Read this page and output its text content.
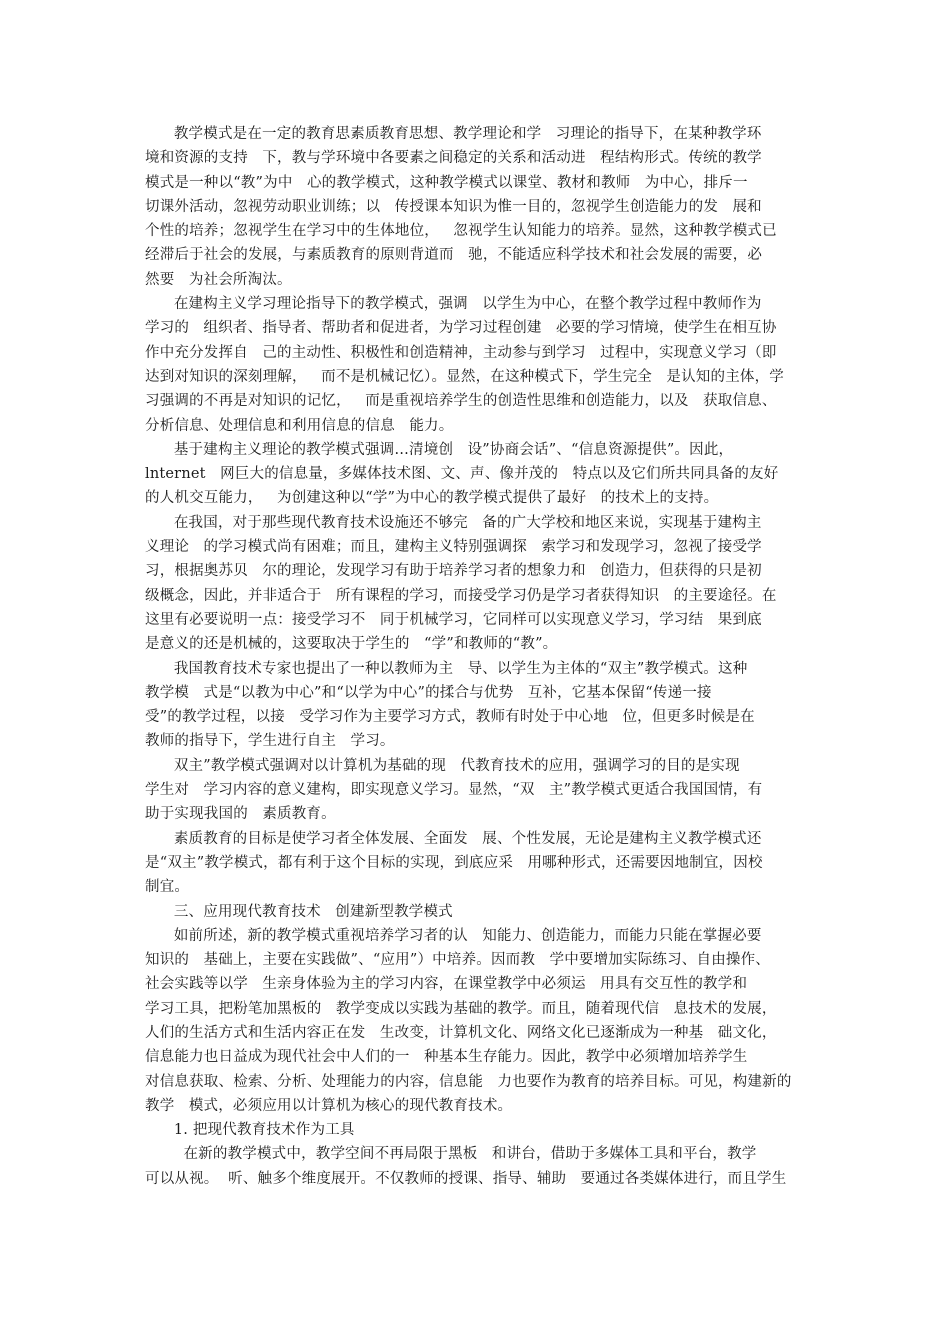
教学模式是在一定的教育思素质教育思想、教学理论和学   习理论的指导下，在某种教学环
境和资源的支持   下，教与学环境中各要素之间稳定的关系和活动进   程结构形式。传统的教学
模式是一种以“教”为中   心的教学模式，这种教学模式以课堂、教材和教师   为中心，排斥一
切课外活动，忽视劳动职业训练；以   传授课本知识为惟一目的，忽视学生创造能力的发   展和
个性的培养；忽视学生在学习中的生体地位，   忽视学生认知能力的培养。显然，这种教学模式已
经滞后于社会的发展，与素质教育的原则背道而   驰，不能适应科学技术和社会发展的需要，必
然要   为社会所淘汰。
在建构主义学习理论指导下的教学模式，强调   以学生为中心，在整个教学过程中教师作为
学习的   组织者、指导者、帮助者和促进者，为学习过程创建   必要的学习情境，使学生在相互协
作中充分发挥自   己的主动性、积极性和创造精神，主动参与到学习   过程中，实现意义学习（即
达到对知识的深刻理解，   而不是机械记忆）。显然，在这种模式下，学生完全   是认知的主体，学
习强调的不再是对知识的记忆，   而是重视培养学生的创造性思维和创造能力，以及   获取信息、
分析信息、处理信息和利用信息的信息   能力。
基于建构主义理论的教学模式强调…清境创   设”协商会话”、“信息资源提供”。因此，
lnternet   网巨大的信息量，多媒体技术图、文、声、像并茂的   特点以及它们所共同具备的友好
的人机交互能力，   为创建这种以“学”为中心的教学模式提供了最好   的技术上的支持。
在我国，对于那些现代教育技术设施还不够完   备的广大学校和地区来说，实现基于建构主
义理论   的学习模式尚有困难；而且，建构主义特别强调探   索学习和发现学习，忽视了接受学
习，根据奥苏贝   尔的理论，发现学习有助于培养学习者的想象力和   创造力，但获得的只是初
级概念，因此，并非适合于   所有课程的学习，而接受学习仍是学习者获得知识   的主要途径。在
这里有必要说明一点：接受学习不   同于机械学习，它同样可以实现意义学习，学习结   果到底
是意义的还是机械的，这要取决于学生的   “学”和教师的“教”。
我国教育技术专家也提出了一种以教师为主   导、以学生为主体的“双主”教学模式。这种
教学模   式是“以教为中心”和“以学为中心”的揉合与优势   互补，它基本保留“传递一接
受”的教学过程，以接   受学习作为主要学习方式，教师有时处于中心地   位，但更多时候是在
教师的指导下，学生进行自主   学习。
双主”教学模式强调对以计算机为基础的现   代教育技术的应用，强调学习的目的是实现
学生对   学习内容的意义建构，即实现意义学习。显然，“双   主”教学模式更适合我国国情，有
助于实现我国的   素质教育。
素质教育的目标是使学习者全体发展、全面发   展、个性发展，无论是建构主义教学模式还
是“双主”教学模式，都有利于这个目标的实现，到底应采   用哪种形式，还需要因地制宜，因校
制宜。
三、应用现代教育技术   创建新型教学模式
如前所述，新的教学模式重视培养学习者的认   知能力、创造能力，而能力只能在掌握必要
知识的   基础上，主要在实践做”、“应用”）中培养。因而教   学中要增加实际练习、自由操作、
社会实践等以学   生亲身体验为主的学习内容，在课堂教学中必须运   用具有交互性的教学和
学习工具，把粉笔加黑板的   教学变成以实践为基础的教学。而且，随着现代信   息技术的发展，
人们的生活方式和生活内容正在发   生改变，计算机文化、网络文化已逐渐成为一种基   础文化，
信息能力也日益成为现代社会中人们的一   种基本生存能力。因此，教学中必须增加培养学生
对信息获取、检索、分析、处理能力的内容，信息能   力也要作为教育的培养目标。可见，构建新的
教学   模式，必须应用以计算机为核心的现代教育技术。
1. 把现代教育技术作为工具
在新的教学模式中，教学空间不再局限于黑板   和讲台，借助于多媒体工具和平台，教学
可以从视。  听、触多个维度展开。不仅教师的授课、指导、辅助   要通过各类媒体进行，而且学生
